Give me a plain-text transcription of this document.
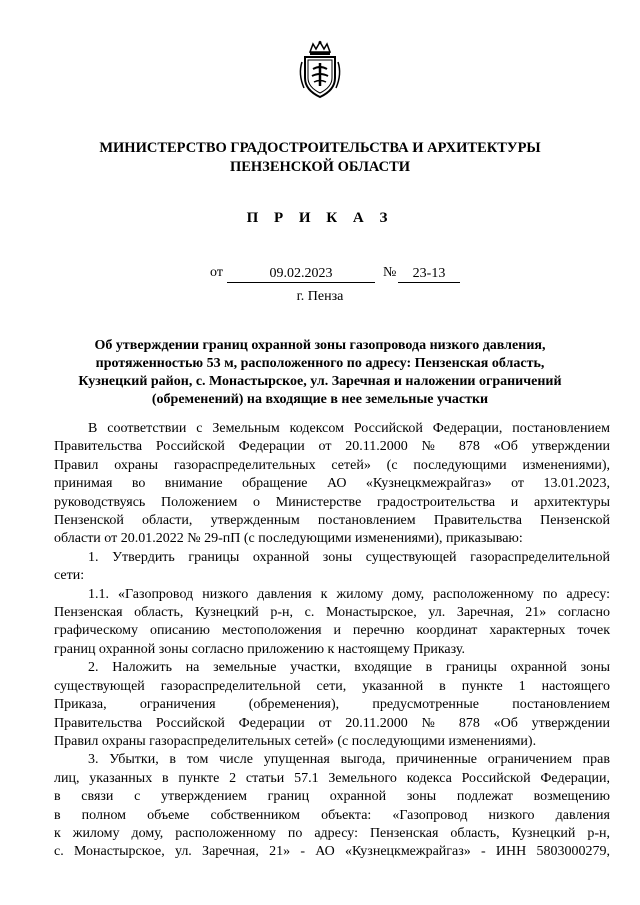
МИНИСТЕРСТВО ГРАДОСТРОИТЕЛЬСТВА И АРХИТЕКТУРЫ
ПЕНЗЕНСКОЙ ОБЛАСТИ
П Р И К А З
от	09.02.2023	№	23-13
г. Пенза
Об утверждении границ охранной зоны газопровода низкого давления,
протяженностью 53 м, расположенного по адресу: Пензенская область,
Кузнецкий район, с. Монастырское, ул. Заречная и наложении ограничений
(обременений) на входящие в нее земельные участки
В соответствии с Земельным кодексом Российской Федерации, постановлением
Правительства Российской Федерации от 20.11.2000 № 878 «Об утверждении
Правил охраны газораспределительных сетей» (с последующими изменениями),
принимая во внимание обращение АО «Кузнецкмежрайгаз» от 13.01.2023,
руководствуясь Положением о Министерстве градостроительства и архитектуры
Пензенской области, утвержденным постановлением Правительства Пензенской
области от 20.01.2022 № 29-пП (с последующими изменениями), приказываю:
1. Утвердить границы охранной зоны существующей газораспределительной
сети:
1.1. «Газопровод низкого давления к жилому дому, расположенному по адресу:
Пензенская область, Кузнецкий р-н, с. Монастырское, ул. Заречная, 21» согласно
графическому описанию местоположения и перечню координат характерных точек
границ охранной зоны согласно приложению к настоящему Приказу.
2. Наложить на земельные участки, входящие в границы охранной зоны
существующей газораспределительной сети, указанной в пункте 1 настоящего
Приказа, ограничения (обременения), предусмотренные постановлением
Правительства Российской Федерации от 20.11.2000 № 878 «Об утверждении
Правил охраны газораспределительных сетей» (с последующими изменениями).
3. Убытки, в том числе упущенная выгода, причиненные ограничением прав
лиц, указанных в пункте 2 статьи 57.1 Земельного кодекса Российской Федерации,
в связи с утверждением границ охранной зоны подлежат возмещению
в полном объеме собственником объекта: «Газопровод низкого давления
к жилому дому, расположенному по адресу: Пензенская область, Кузнецкий р-н,
с. Монастырское, ул. Заречная, 21» - АО «Кузнецкмежрайгаз» - ИНН 5803000279,
